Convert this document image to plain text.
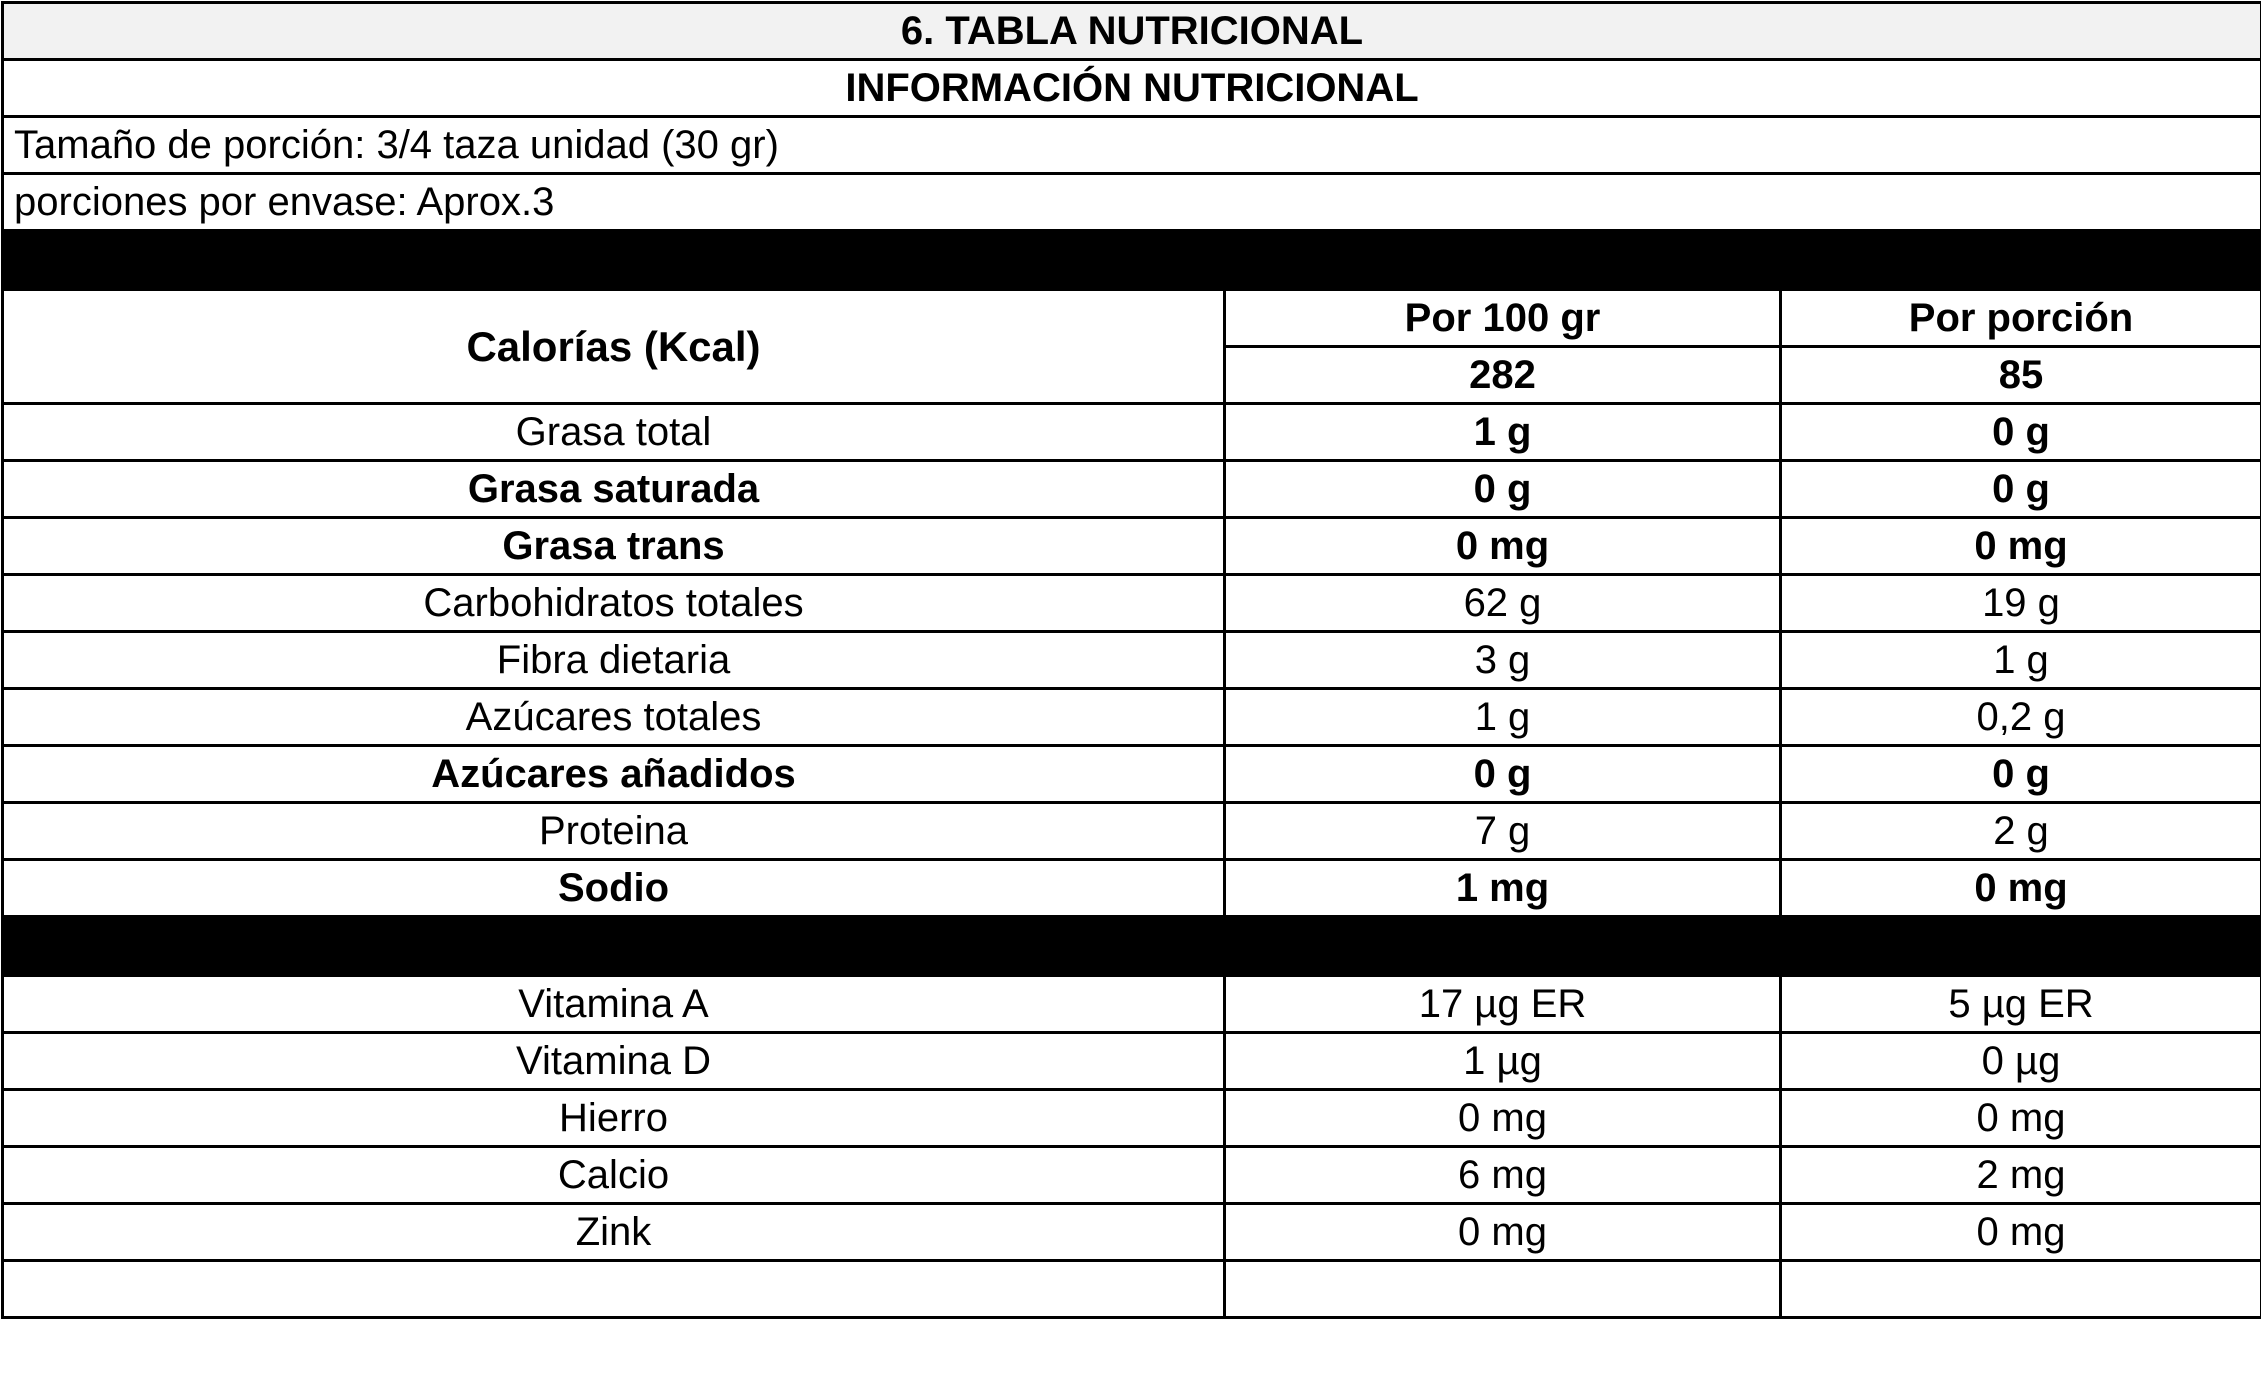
6. TABLA NUTRICIONAL		
INFORMACIÓN NUTRICIONAL		
Tamaño de porción: 3/4 taza unidad (30 gr)		
porciones por envase: Aprox.3		

Calorías (Kcal)	Por 100 gr	Por porción
	282	85
Grasa total	1 g	0 g
Grasa saturada	0 g	0 g
Grasa trans	0 mg	0 mg
Carbohidratos totales	62 g	19 g
Fibra dietaria	3 g	1 g
Azúcares totales	1 g	0,2 g
Azúcares añadidos	0 g	0 g
Proteina	7 g	2 g
Sodio	1 mg	0 mg

Vitamina A	17 µg ER	5 µg ER
Vitamina D	1 µg	0 µg
Hierro	0 mg	0 mg
Calcio	6 mg	2 mg
Zink	0 mg	0 mg
